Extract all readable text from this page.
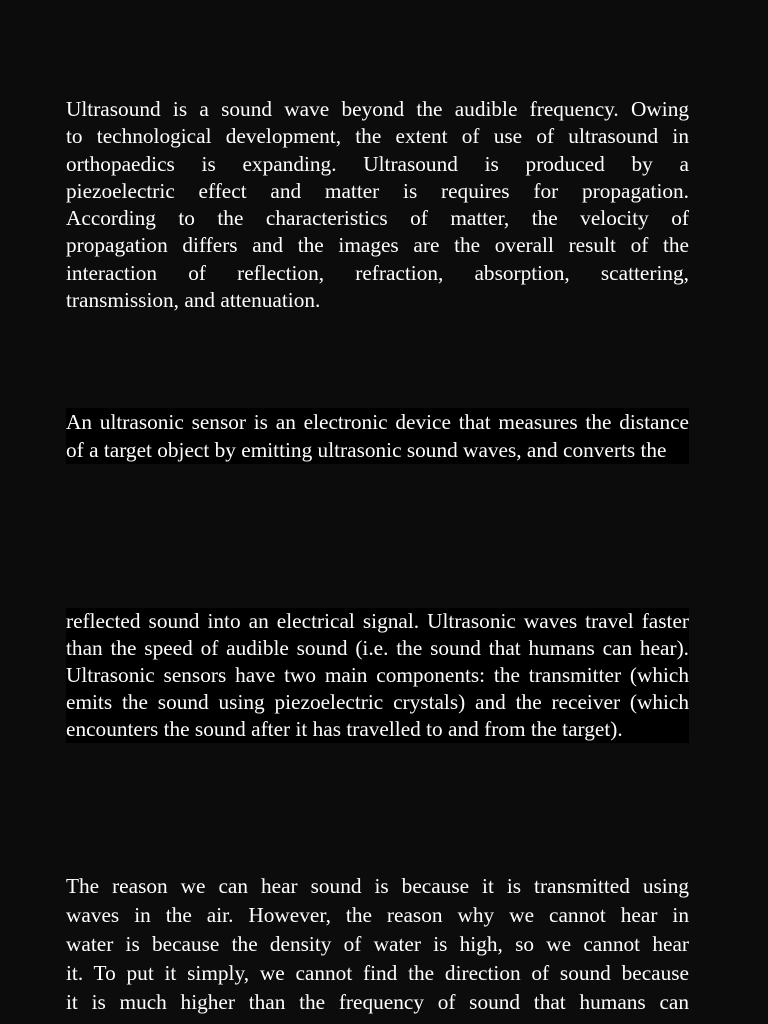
Ultrasound is a sound wave beyond the audible frequency. Owing
to technological development, the extent of use of ultrasound in
orthopaedics is expanding. Ultrasound is produced by a
piezoelectric effect and matter is requires for propagation.
According to the characteristics of matter, the velocity of
propagation differs and the images are the overall result of the
interaction of reflection, refraction, absorption, scattering,
transmission, and attenuation.

An ultrasonic sensor is an electronic device that measures the distance
of a target object by emitting ultrasonic sound waves, and converts the

reflected sound into an electrical signal. Ultrasonic waves travel faster
than the speed of audible sound (i.e. the sound that humans can hear).
Ultrasonic sensors have two main components: the transmitter (which
emits the sound using piezoelectric crystals) and the receiver (which
encounters the sound after it has travelled to and from the target).

The reason we can hear sound is because it is transmitted using
waves in the air. However, the reason why we cannot hear in
water is because the density of water is high, so we cannot hear
it. To put it simply, we cannot find the direction of sound because
it is much higher than the frequency of sound that humans can
